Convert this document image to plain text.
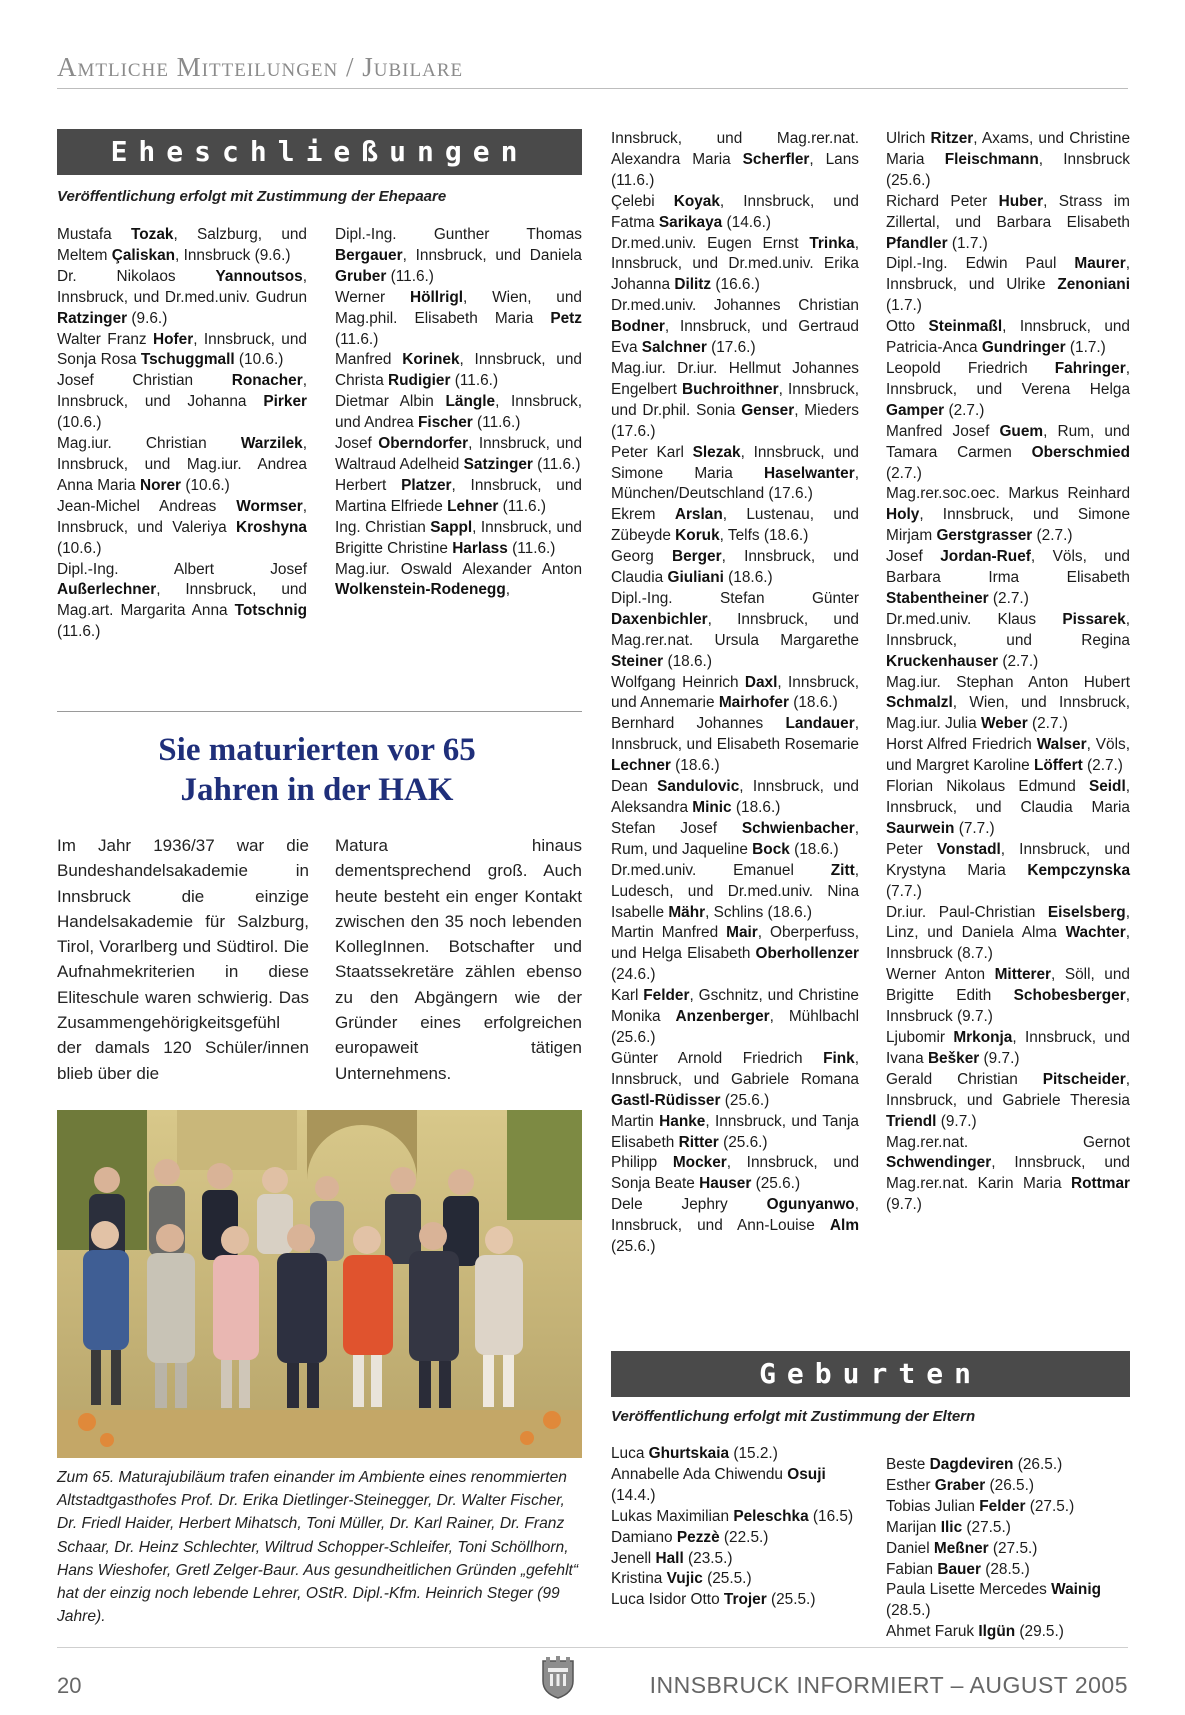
Amtliche Mitteilungen / Jubilare
Eheschließungen
Veröffentlichung erfolgt mit Zustimmung der Ehepaare

Mustafa Tozak, Salzburg, und Meltem Çaliskan, Innsbruck (9.6.)

Dr. Nikolaos Yannoutsos, Innsbruck, und Dr.med.univ. Gudrun Ratzinger (9.6.)

Walter Franz Hofer, Innsbruck, und Sonja Rosa Tschuggmall (10.6.)

Josef Christian Ronacher, Innsbruck, und Johanna Pirker (10.6.)

Mag.iur. Christian Warzilek, Innsbruck, und Mag.iur. Andrea Anna Maria Norer (10.6.)

Jean-Michel Andreas Wormser, Innsbruck, und Valeriya Kroshyna (10.6.)

Dipl.-Ing. Albert Josef Außerlechner, Innsbruck, und Mag.art. Margarita Anna Totschnig (11.6.)

Dipl.-Ing. Gunther Thomas Bergauer, Innsbruck, und Daniela Gruber (11.6.)

Werner Höllrigl, Wien, und Mag.phil. Elisabeth Maria Petz (11.6.)

Manfred Korinek, Innsbruck, und Christa Rudigier (11.6.)

Dietmar Albin Längle, Innsbruck, und Andrea Fischer (11.6.)

Josef Oberndorfer, Innsbruck, und Waltraud Adelheid Satzinger (11.6.)

Herbert Platzer, Innsbruck, und Martina Elfriede Lehner (11.6.)

Ing. Christian Sappl, Innsbruck, und Brigitte Christine Harlass (11.6.)

Mag.iur. Oswald Alexander Anton Wolkenstein-Rodenegg,

Innsbruck, und Mag.rer.nat. Alexandra Maria Scherfler, Lans (11.6.)

Çelebi Koyak, Innsbruck, und Fatma Sarikaya (14.6.)

Dr.med.univ. Eugen Ernst Trinka, Innsbruck, und Dr.med.univ. Erika Johanna Dilitz (16.6.)

Dr.med.univ. Johannes Christian Bodner, Innsbruck, und Gertraud Eva Salchner (17.6.)

Mag.iur. Dr.iur. Hellmut Johannes Engelbert Buchroithner, Innsbruck, und Dr.phil. Sonia Genser, Mieders (17.6.)

Peter Karl Slezak, Innsbruck, und Simone Maria Haselwanter, München/Deutschland (17.6.)

Ekrem Arslan, Lustenau, und Zübeyde Koruk, Telfs (18.6.)

Georg Berger, Innsbruck, und Claudia Giuliani (18.6.)

Dipl.-Ing. Stefan Günter Daxenbichler, Innsbruck, und Mag.rer.nat. Ursula Margarethe Steiner (18.6.)

Wolfgang Heinrich Daxl, Innsbruck, und Annemarie Mairhofer (18.6.)

Bernhard Johannes Landauer, Innsbruck, und Elisabeth Rosemarie Lechner (18.6.)

Dean Sandulovic, Innsbruck, und Aleksandra Minic (18.6.)

Stefan Josef Schwienbacher, Rum, und Jaqueline Bock (18.6.)

Dr.med.univ. Emanuel Zitt, Ludesch, und Dr.med.univ. Nina Isabelle Mähr, Schlins (18.6.)

Martin Manfred Mair, Oberperfuss, und Helga Elisabeth Oberhollenzer (24.6.)

Karl Felder, Gschnitz, und Christine Monika Anzenberger, Mühlbachl (25.6.)

Günter Arnold Friedrich Fink, Innsbruck, und Gabriele Romana Gastl-Rüdisser (25.6.)

Martin Hanke, Innsbruck, und Tanja Elisabeth Ritter (25.6.)

Philipp Mocker, Innsbruck, und Sonja Beate Hauser (25.6.)

Dele Jephry Ogunyanwo, Innsbruck, und Ann-Louise Alm (25.6.)

Ulrich Ritzer, Axams, und Christine Maria Fleischmann, Innsbruck (25.6.)

Richard Peter Huber, Strass im Zillertal, und Barbara Elisabeth Pfandler (1.7.)

Dipl.-Ing. Edwin Paul Maurer, Innsbruck, und Ulrike Zenoniani (1.7.)

Otto Steinmaßl, Innsbruck, und Patricia-Anca Gundringer (1.7.)

Leopold Friedrich Fahringer, Innsbruck, und Verena Helga Gamper (2.7.)

Manfred Josef Guem, Rum, und Tamara Carmen Oberschmied (2.7.)

Mag.rer.soc.oec. Markus Reinhard Holy, Innsbruck, und Simone Mirjam Gerstgrasser (2.7.)

Josef Jordan-Ruef, Völs, und Barbara Irma Elisabeth Stabentheiner (2.7.)

Dr.med.univ. Klaus Pissarek, Innsbruck, und Regina Kruckenhauser (2.7.)

Mag.iur. Stephan Anton Hubert Schmalzl, Wien, und Innsbruck, Mag.iur. Julia Weber (2.7.)

Horst Alfred Friedrich Walser, Völs, und Margret Karoline Löffert (2.7.)

Florian Nikolaus Edmund Seidl, Innsbruck, und Claudia Maria Saurwein (7.7.)

Peter Vonstadl, Innsbruck, und Krystyna Maria Kempczynska (7.7.)

Dr.iur. Paul-Christian Eiselsberg, Linz, und Daniela Alma Wachter, Innsbruck (8.7.)

Werner Anton Mitterer, Söll, und Brigitte Edith Schobesberger, Innsbruck (9.7.)

Ljubomir Mrkonja, Innsbruck, und Ivana Bešker (9.7.)

Gerald Christian Pitscheider, Innsbruck, und Gabriele Theresia Triendl (9.7.)

Mag.rer.nat. Gernot Schwendinger, Innsbruck, und Mag.rer.nat. Karin Maria Rottmar (9.7.)

Sie maturierten vor 65
Jahren in der HAK
Im Jahr 1936/37 war die Bundeshandelsakademie in Innsbruck die einzige Handelsakademie für Salzburg, Tirol, Vorarlberg und Südtirol. Die Aufnahmekriterien in diese Eliteschule waren schwierig. Das Zusammengehörigkeitsgefühl der damals 120 Schüler/innen blieb über die
Matura hinaus dementsprechend groß. Auch heute besteht ein enger Kontakt zwischen den 35 noch lebenden KollegInnen. Botschafter und Staatssekretäre zählen ebenso zu den Abgängern wie der Gründer eines erfolgreichen europaweit tätigen Unternehmens.
Zum 65. Maturajubiläum trafen einander im Ambiente eines renommierten Altstadtgasthofes Prof. Dr. Erika Dietlinger-Steinegger, Dr. Walter Fischer, Dr. Friedl Haider, Herbert Mihatsch, Toni Müller, Dr. Karl Rainer, Dr. Franz Schaar, Dr. Heinz Schlechter, Wiltrud Schopper-Schleifer, Toni Schöllhorn, Hans Wieshofer, Gretl Zelger-Baur. Aus gesundheitlichen Gründen „gefehlt“ hat der einzig noch lebende Lehrer, OStR. Dipl.-Kfm. Heinrich Steger (99 Jahre).
Geburten
Veröffentlichung erfolgt mit Zustimmung der Eltern

Luca Ghurtskaia (15.2.)

Annabelle Ada Chiwendu Osuji (14.4.)

Lukas Maximilian Peleschka (16.5)

Damiano Pezzè (22.5.)

Jenell Hall (23.5.)

Kristina Vujic (25.5.)

Luca Isidor Otto Trojer (25.5.)

Beste Dagdeviren (26.5.)

Esther Graber (26.5.)

Tobias Julian Felder (27.5.)

Marijan Ilic (27.5.)

Daniel Meßner (27.5.)

Fabian Bauer (28.5.)

Paula Lisette Mercedes Wainig (28.5.)

Ahmet Faruk Ilgün (29.5.)

20	INNSBRUCK INFORMIERT – AUGUST 2005
